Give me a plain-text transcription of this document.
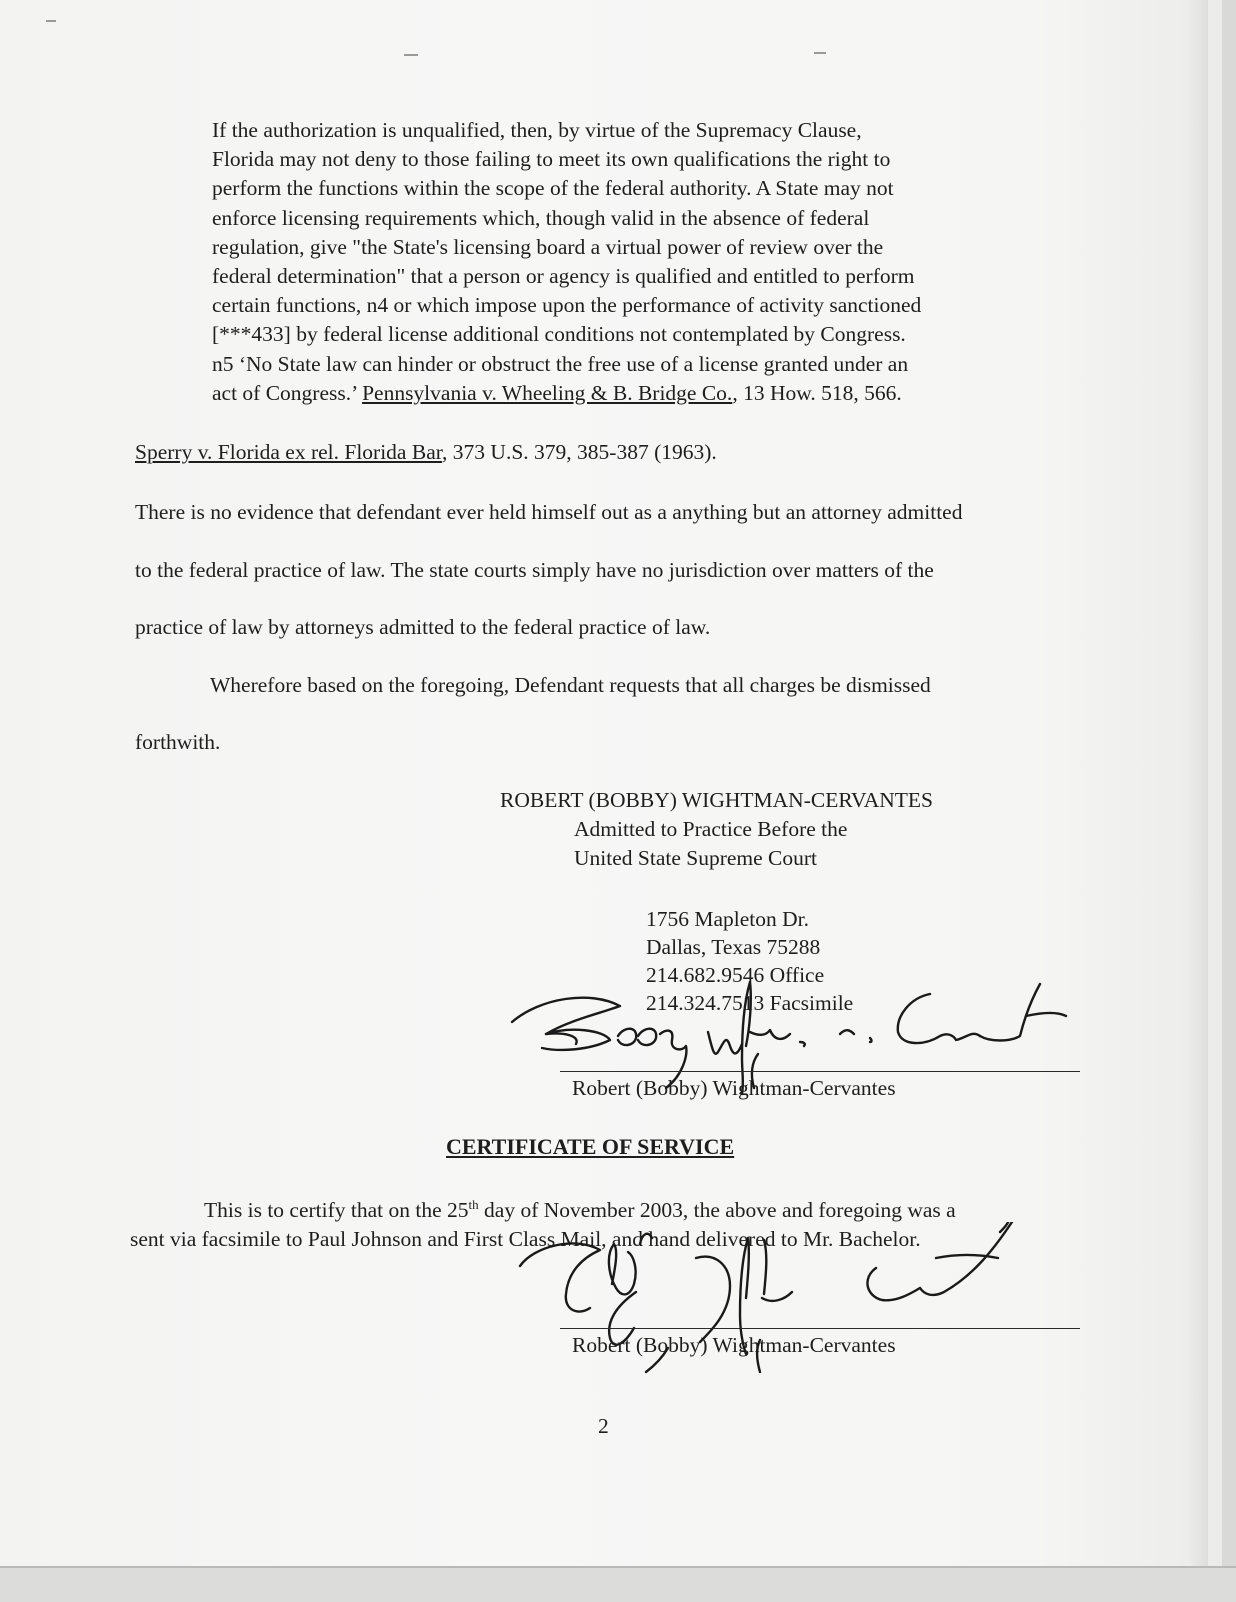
If the authorization is unqualified, then, by virtue of the Supremacy Clause,

Florida may not deny to those failing to meet its own qualifications the right to

perform the functions within the scope of the federal authority. A State may not

enforce licensing requirements which, though valid in the absence of federal

regulation, give "the State's licensing board a virtual power of review over the

federal determination" that a person or agency is qualified and entitled to perform

certain functions, n4 or which impose upon the performance of activity sanctioned

[***433] by federal license additional conditions not contemplated by Congress.

n5 ‘No State law can hinder or obstruct the free use of a license granted under an

act of Congress.’ Pennsylvania v. Wheeling & B. Bridge Co., 13 How. 518, 566.

Sperry v. Florida ex rel. Florida Bar, 373 U.S. 379, 385-387 (1963).

There is no evidence that defendant ever held himself out as a anything but an attorney admitted

to the federal practice of law. The state courts simply have no jurisdiction over matters of the

practice of law by attorneys admitted to the federal practice of law.

Wherefore based on the foregoing, Defendant requests that all charges be dismissed

forthwith.

ROBERT (BOBBY) WIGHTMAN-CERVANTES
Admitted to Practice Before the
United State Supreme Court
1756 Mapleton Dr.
Dallas, Texas 75288
214.682.9546 Office
214.324.7513 Facsimile
Robert (Bobby) Wightman-Cervantes
CERTIFICATE OF SERVICE

This is to certify that on the 25th day of November 2003, the above and foregoing was a

sent via facsimile to Paul Johnson and First Class Mail, and hand delivered to Mr. Bachelor.

Robert (Bobby) Wightman-Cervantes
2
